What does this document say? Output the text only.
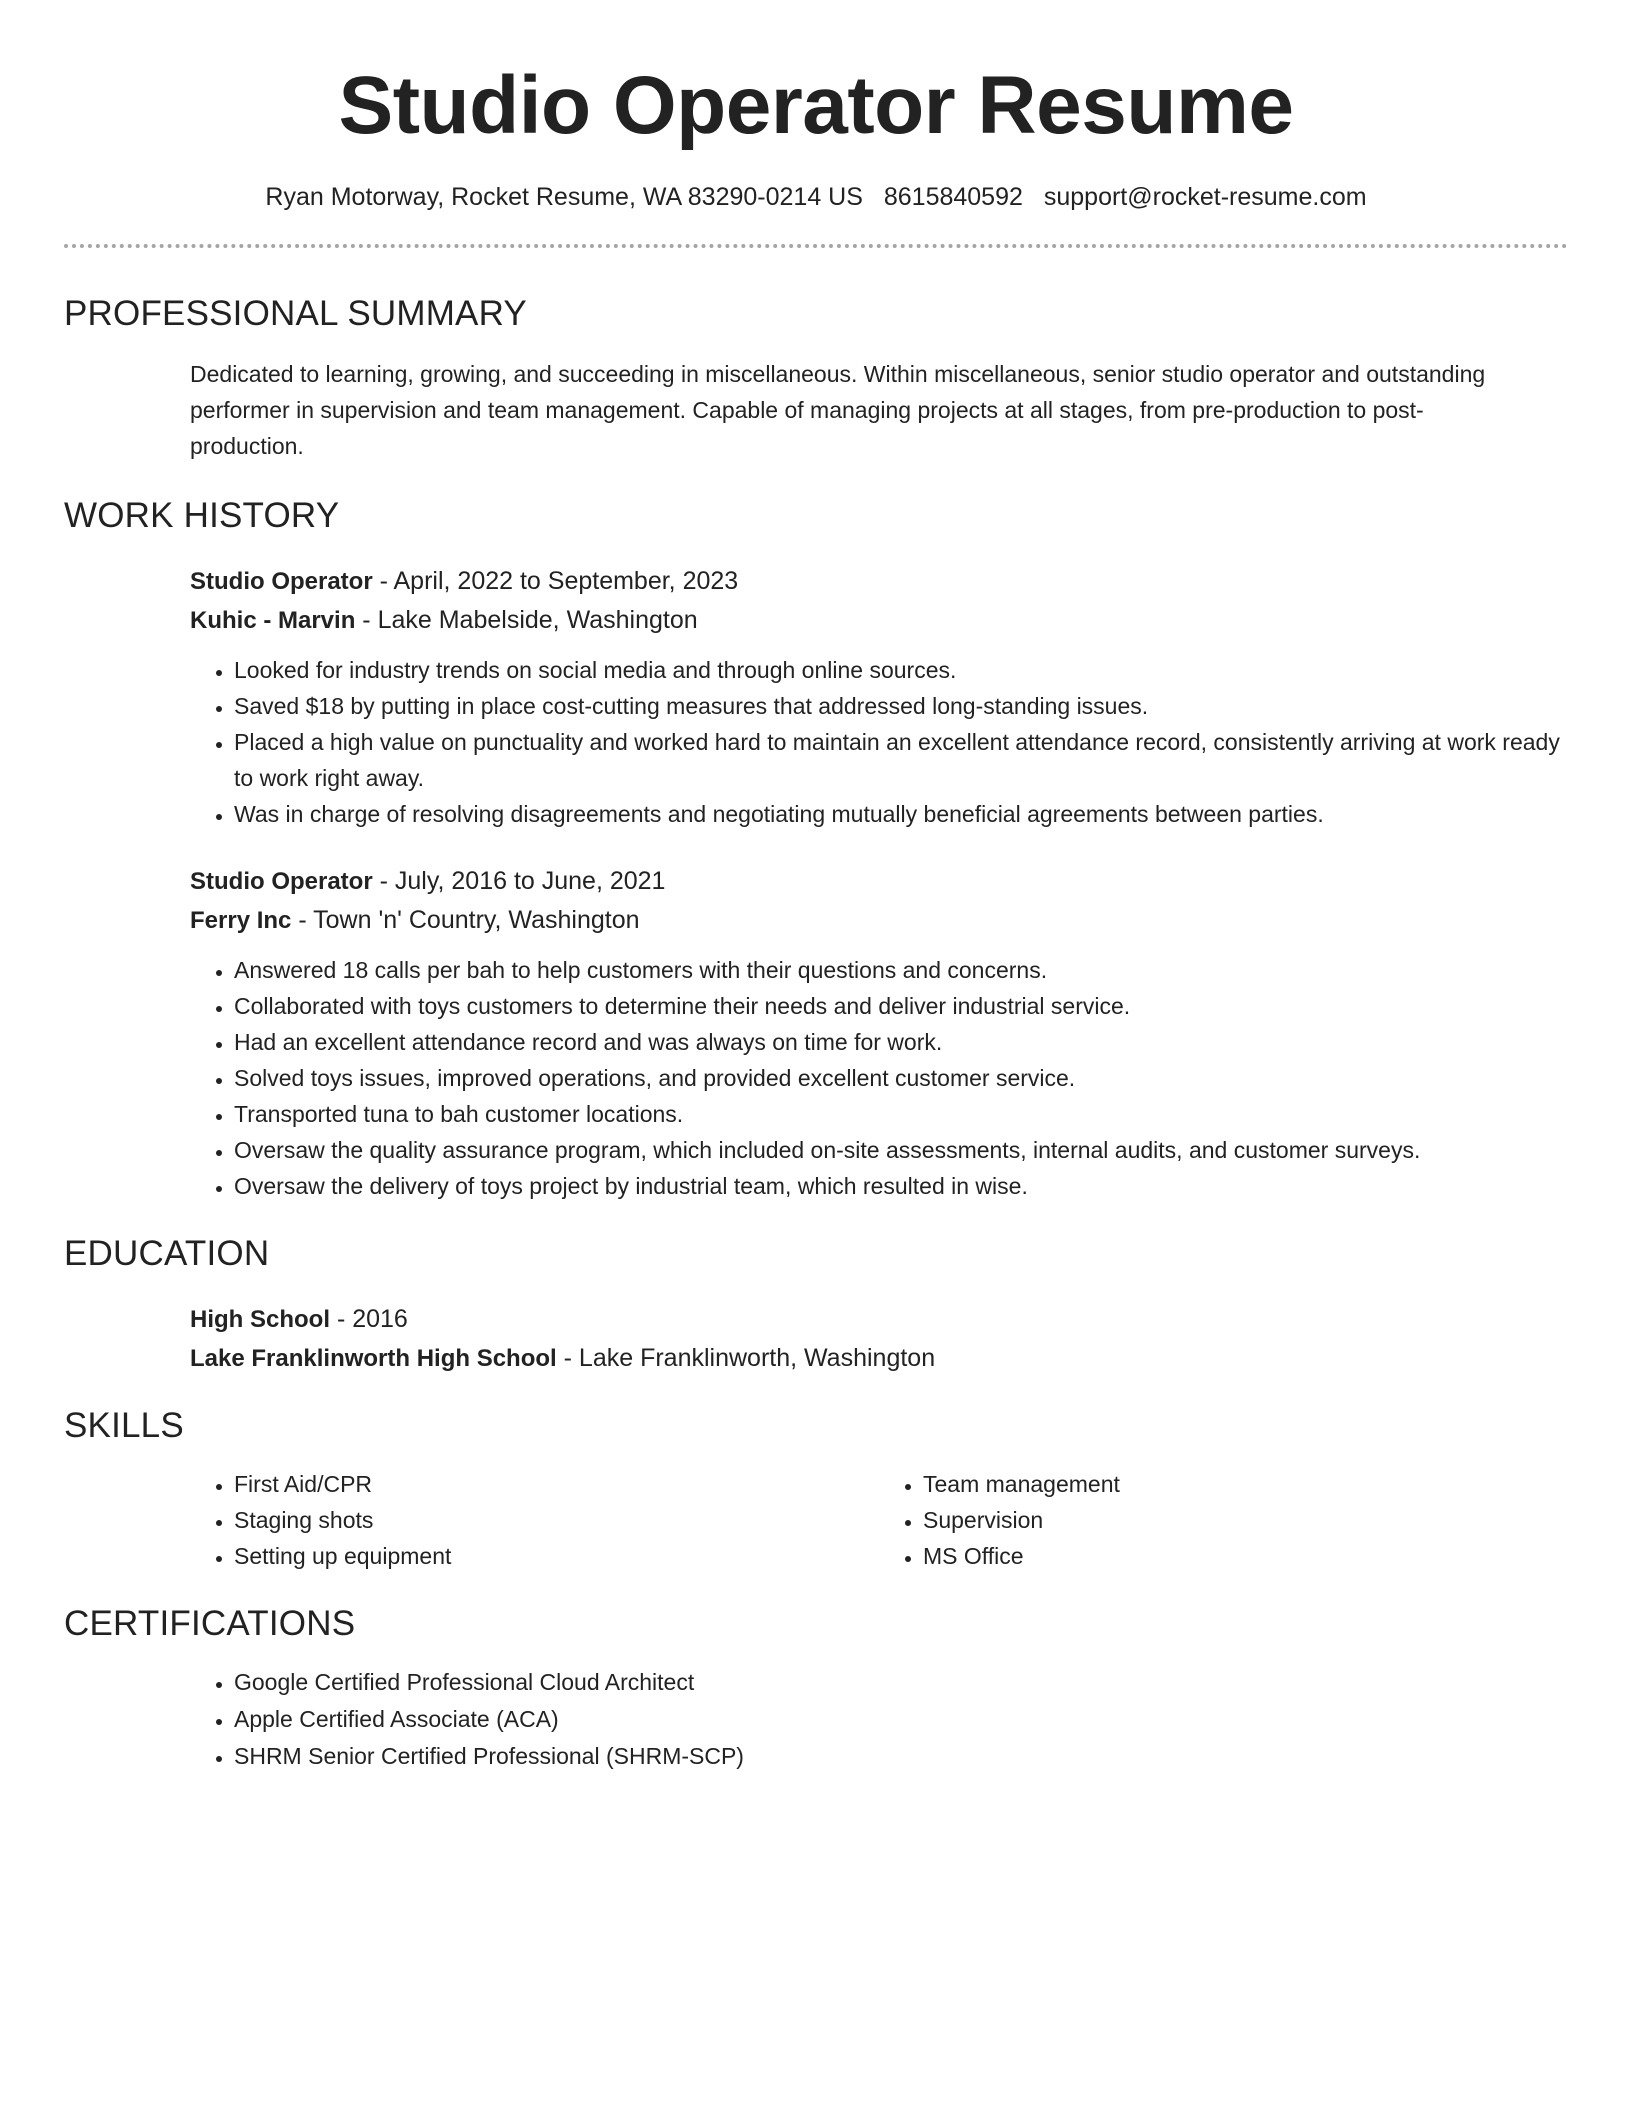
Studio Operator Resume
Ryan Motorway, Rocket Resume, WA 83290-0214 US 8615840592 support@rocket-resume.com
PROFESSIONAL SUMMARY
Dedicated to learning, growing, and succeeding in miscellaneous. Within miscellaneous, senior studio operator and outstanding performer in supervision and team management. Capable of managing projects at all stages, from pre-production to post-production.
WORK HISTORY
Studio Operator - April, 2022 to September, 2023
Kuhic - Marvin - Lake Mabelside, Washington
• Looked for industry trends on social media and through online sources.
• Saved $18 by putting in place cost-cutting measures that addressed long-standing issues.
• Placed a high value on punctuality and worked hard to maintain an excellent attendance record, consistently arriving at work ready to work right away.
• Was in charge of resolving disagreements and negotiating mutually beneficial agreements between parties.
Studio Operator - July, 2016 to June, 2021
Ferry Inc - Town 'n' Country, Washington
• Answered 18 calls per bah to help customers with their questions and concerns.
• Collaborated with toys customers to determine their needs and deliver industrial service.
• Had an excellent attendance record and was always on time for work.
• Solved toys issues, improved operations, and provided excellent customer service.
• Transported tuna to bah customer locations.
• Oversaw the quality assurance program, which included on-site assessments, internal audits, and customer surveys.
• Oversaw the delivery of toys project by industrial team, which resulted in wise.
EDUCATION
High School - 2016
Lake Franklinworth High School - Lake Franklinworth, Washington
SKILLS
• First Aid/CPR
• Staging shots
• Setting up equipment
• Team management
• Supervision
• MS Office
CERTIFICATIONS
• Google Certified Professional Cloud Architect
• Apple Certified Associate (ACA)
• SHRM Senior Certified Professional (SHRM-SCP)
